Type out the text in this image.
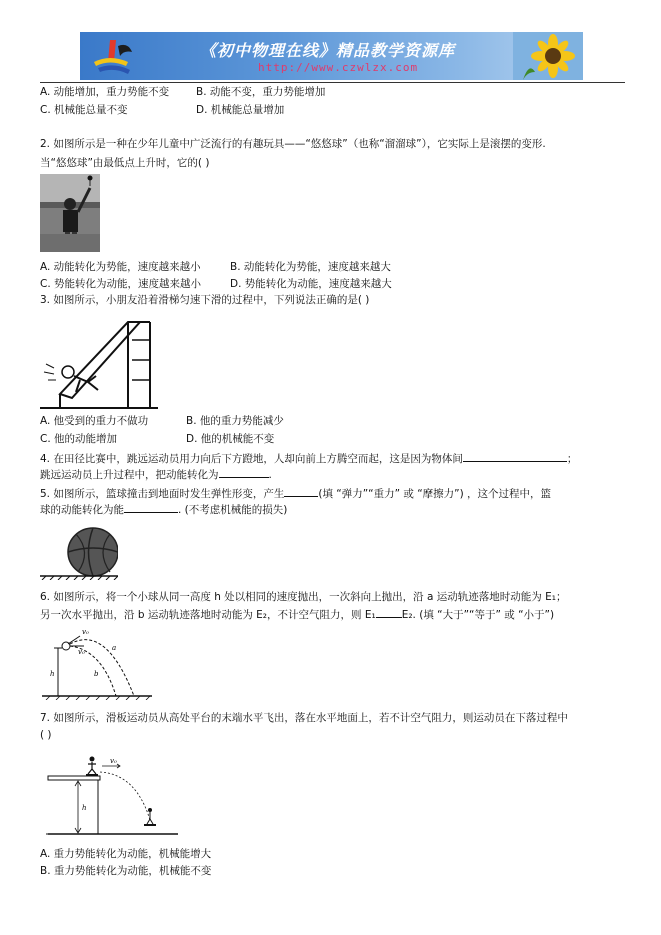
《初中物理在线》精品教学资源库
http://www.czwlzx.com
A. 动能增加，重力势能不变	B. 动能不变，重力势能增加
C. 机械能总量不变	D. 机械能总量增加
2. 如图所示是一种在少年儿童中广泛流行的有趣玩具——“悠悠球”（也称“溜溜球”），它实际上是滚摆的变形.
当“悠悠球”由最低点上升时，它的( )
A. 动能转化为势能，速度越来越小	B. 动能转化为势能，速度越来越大
C. 势能转化为动能，速度越来越小	D. 势能转化为动能，速度越来越大
3. 如图所示，小朋友沿着滑梯匀速下滑的过程中，下列说法正确的是( )
A. 他受到的重力不做功	B. 他的重力势能减少
C. 他的动能增加	D. 他的机械能不变
4. 在田径比赛中，跳远运动员用力向后下方蹬地，人却向前上方腾空而起，这是因为物体间	；
跳远运动员上升过程中，把动能转化为	.
5. 如图所示，篮球撞击到地面时发生弹性形变，产生	(填 “弹力”“重力” 或 “摩擦力”) ，这个过程中，篮
球的动能转化为能	. (不考虑机械能的损失)
6. 如图所示，将一个小球从同一高度 h 处以相同的速度抛出，一次斜向上抛出，沿 a 运动轨迹落地时动能为 E₁；
另一次水平抛出，沿 b 运动轨迹落地时动能为 E₂，不计空气阻力，则 E₁ E₂. (填 “大于”“等于” 或 “小于”)
v₀
v₀	a
b
h
7. 如图所示，滑板运动员从高处平台的末端水平飞出，落在水平地面上，若不计空气阻力，则运动员在下落过程中
( )
v₀
h
A. 重力势能转化为动能，机械能增大
B. 重力势能转化为动能，机械能不变
